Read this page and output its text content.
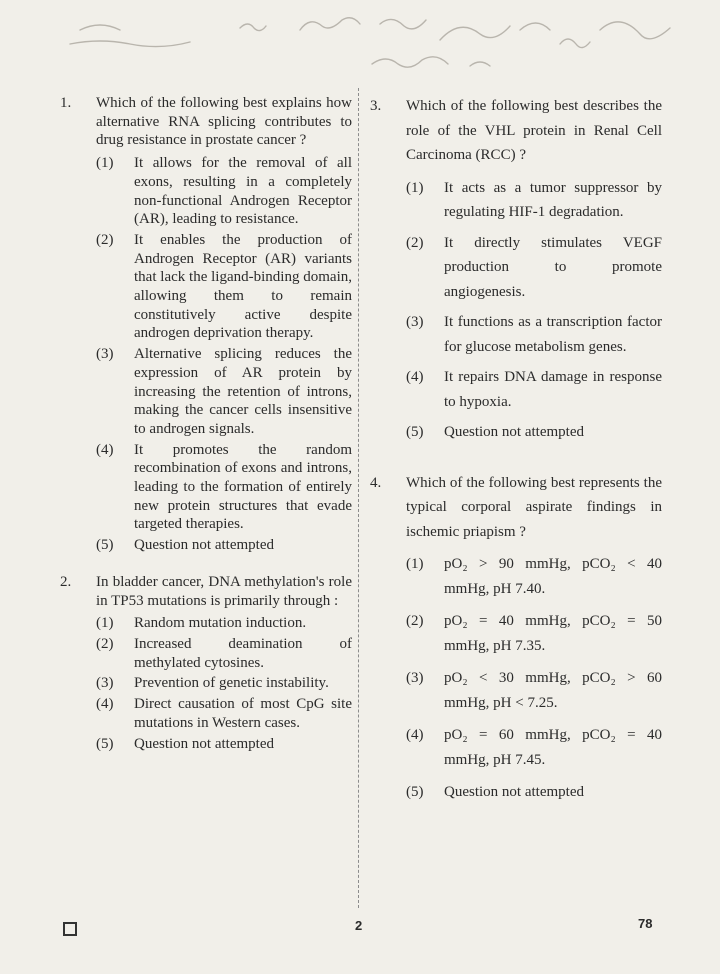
1. Which of the following best explains how alternative RNA splicing contributes to drug resistance in prostate cancer ?
(1) It allows for the removal of all exons, resulting in a completely non-functional Androgen Receptor (AR), leading to resistance.
(2) It enables the production of Androgen Receptor (AR) variants that lack the ligand-binding domain, allowing them to remain constitutively active despite androgen deprivation therapy.
(3) Alternative splicing reduces the expression of AR protein by increasing the retention of introns, making the cancer cells insensitive to androgen signals.
(4) It promotes the random recombination of exons and introns, leading to the formation of entirely new protein structures that evade targeted therapies.
(5) Question not attempted
2. In bladder cancer, DNA methylation's role in TP53 mutations is primarily through :
(1) Random mutation induction.
(2) Increased deamination of methylated cytosines.
(3) Prevention of genetic instability.
(4) Direct causation of most CpG site mutations in Western cases.
(5) Question not attempted
3. Which of the following best describes the role of the VHL protein in Renal Cell Carcinoma (RCC) ?
(1) It acts as a tumor suppressor by regulating HIF-1 degradation.
(2) It directly stimulates VEGF production to promote angiogenesis.
(3) It functions as a transcription factor for glucose metabolism genes.
(4) It repairs DNA damage in response to hypoxia.
(5) Question not attempted
4. Which of the following best represents the typical corporal aspirate findings in ischemic priapism ?
(1) pO₂ > 90 mmHg, pCO₂ < 40 mmHg, pH 7.40.
(2) pO₂ = 40 mmHg, pCO₂ = 50 mmHg, pH 7.35.
(3) pO₂ < 30 mmHg, pCO₂ > 60 mmHg, pH < 7.25.
(4) pO₂ = 60 mmHg, pCO₂ = 40 mmHg, pH 7.45.
(5) Question not attempted
2	78
